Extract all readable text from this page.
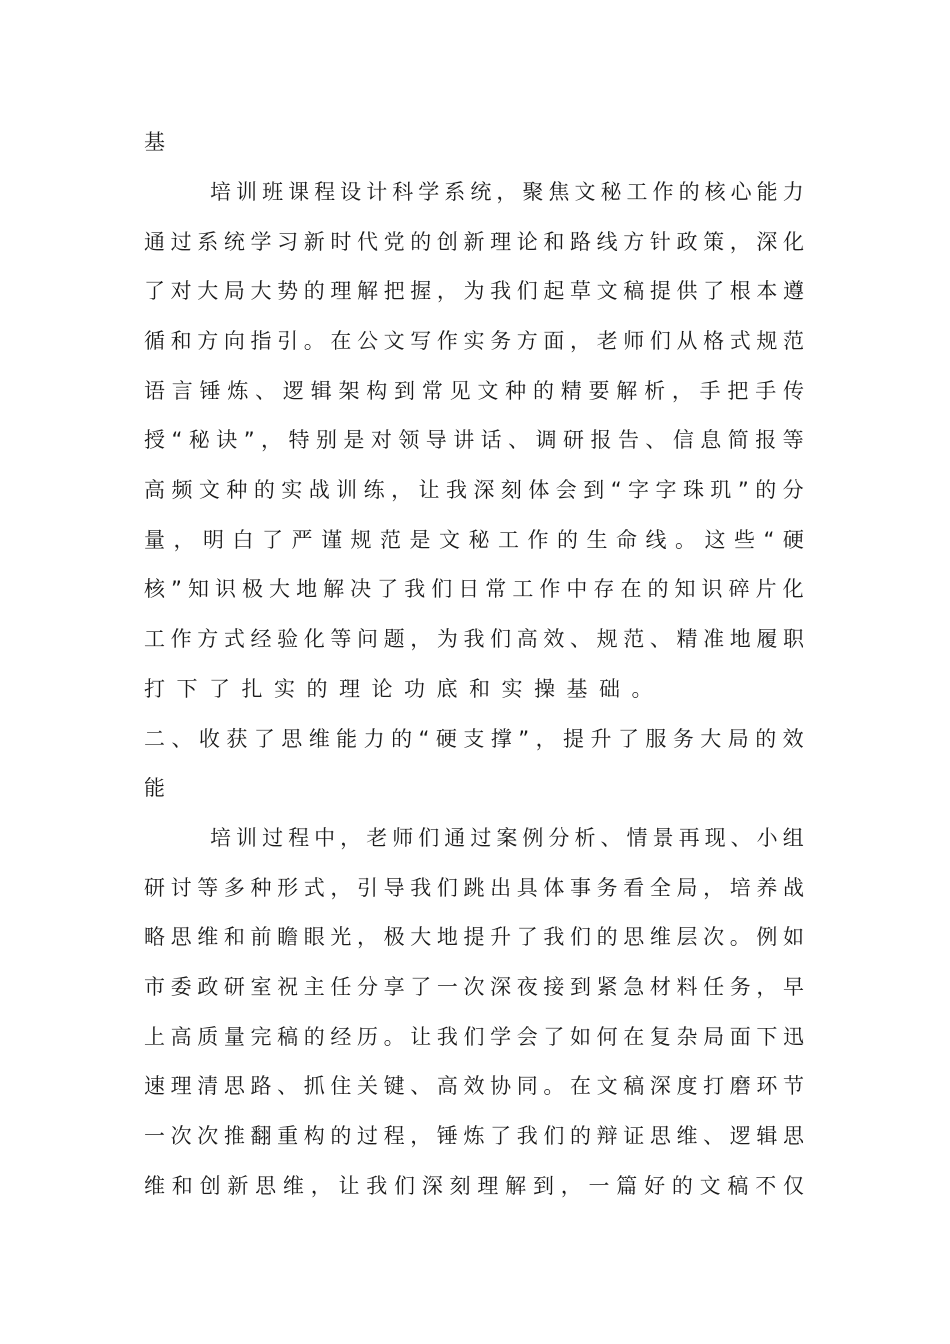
基
培 训 班 课 程 设 计 科 学 系 统 ， 聚 焦 文 秘 工 作 的 核 心 能 力
通 过 系 统 学 习 新 时 代 党 的 创 新 理 论 和 路 线 方 针 政 策 ， 深 化
了 对 大 局 大 势 的 理 解 把 握 ， 为 我 们 起 草 文 稿 提 供 了 根 本 遵
循 和 方 向 指 引 。 在 公 文 写 作 实 务 方 面 ， 老 师 们 从 格 式 规 范
语 言 锤 炼 、 逻 辑 架 构 到 常 见 文 种 的 精 要 解 析 ， 手 把 手 传
授 “ 秘 诀 ” ， 特 别 是 对 领 导 讲 话 、 调 研 报 告 、 信 息 简 报 等
高 频 文 种 的 实 战 训 练 ， 让 我 深 刻 体 会 到 “ 字 字 珠 玑 ” 的 分
量 ， 明 白 了 严 谨 规 范 是 文 秘 工 作 的 生 命 线 。 这 些 “ 硬
核 ” 知 识 极 大 地 解 决 了 我 们 日 常 工 作 中 存 在 的 知 识 碎 片 化
工 作 方 式 经 验 化 等 问 题 ， 为 我 们 高 效 、 规 范 、 精 准 地 履 职
打下了扎实的理论功底和实操基础。
二 、 收 获 了 思 维 能 力 的 “ 硬 支 撑 ” ， 提 升 了 服 务 大 局 的 效
能
培 训 过 程 中 ， 老 师 们 通 过 案 例 分 析 、 情 景 再 现 、 小 组
研 讨 等 多 种 形 式 ， 引 导 我 们 跳 出 具 体 事 务 看 全 局 ， 培 养 战
略 思 维 和 前 瞻 眼 光 ， 极 大 地 提 升 了 我 们 的 思 维 层 次 。 例 如
市 委 政 研 室 祝 主 任 分 享 了 一 次 深 夜 接 到 紧 急 材 料 任 务 ， 早
上 高 质 量 完 稿 的 经 历 。 让 我 们 学 会 了 如 何 在 复 杂 局 面 下 迅
速 理 清 思 路 、 抓 住 关 键 、 高 效 协 同 。 在 文 稿 深 度 打 磨 环 节
一 次 次 推 翻 重 构 的 过 程 ， 锤 炼 了 我 们 的 辩 证 思 维 、 逻 辑 思
维 和 创 新 思 维 ， 让 我 们 深 刻 理 解 到 ， 一 篇 好 的 文 稿 不 仅
